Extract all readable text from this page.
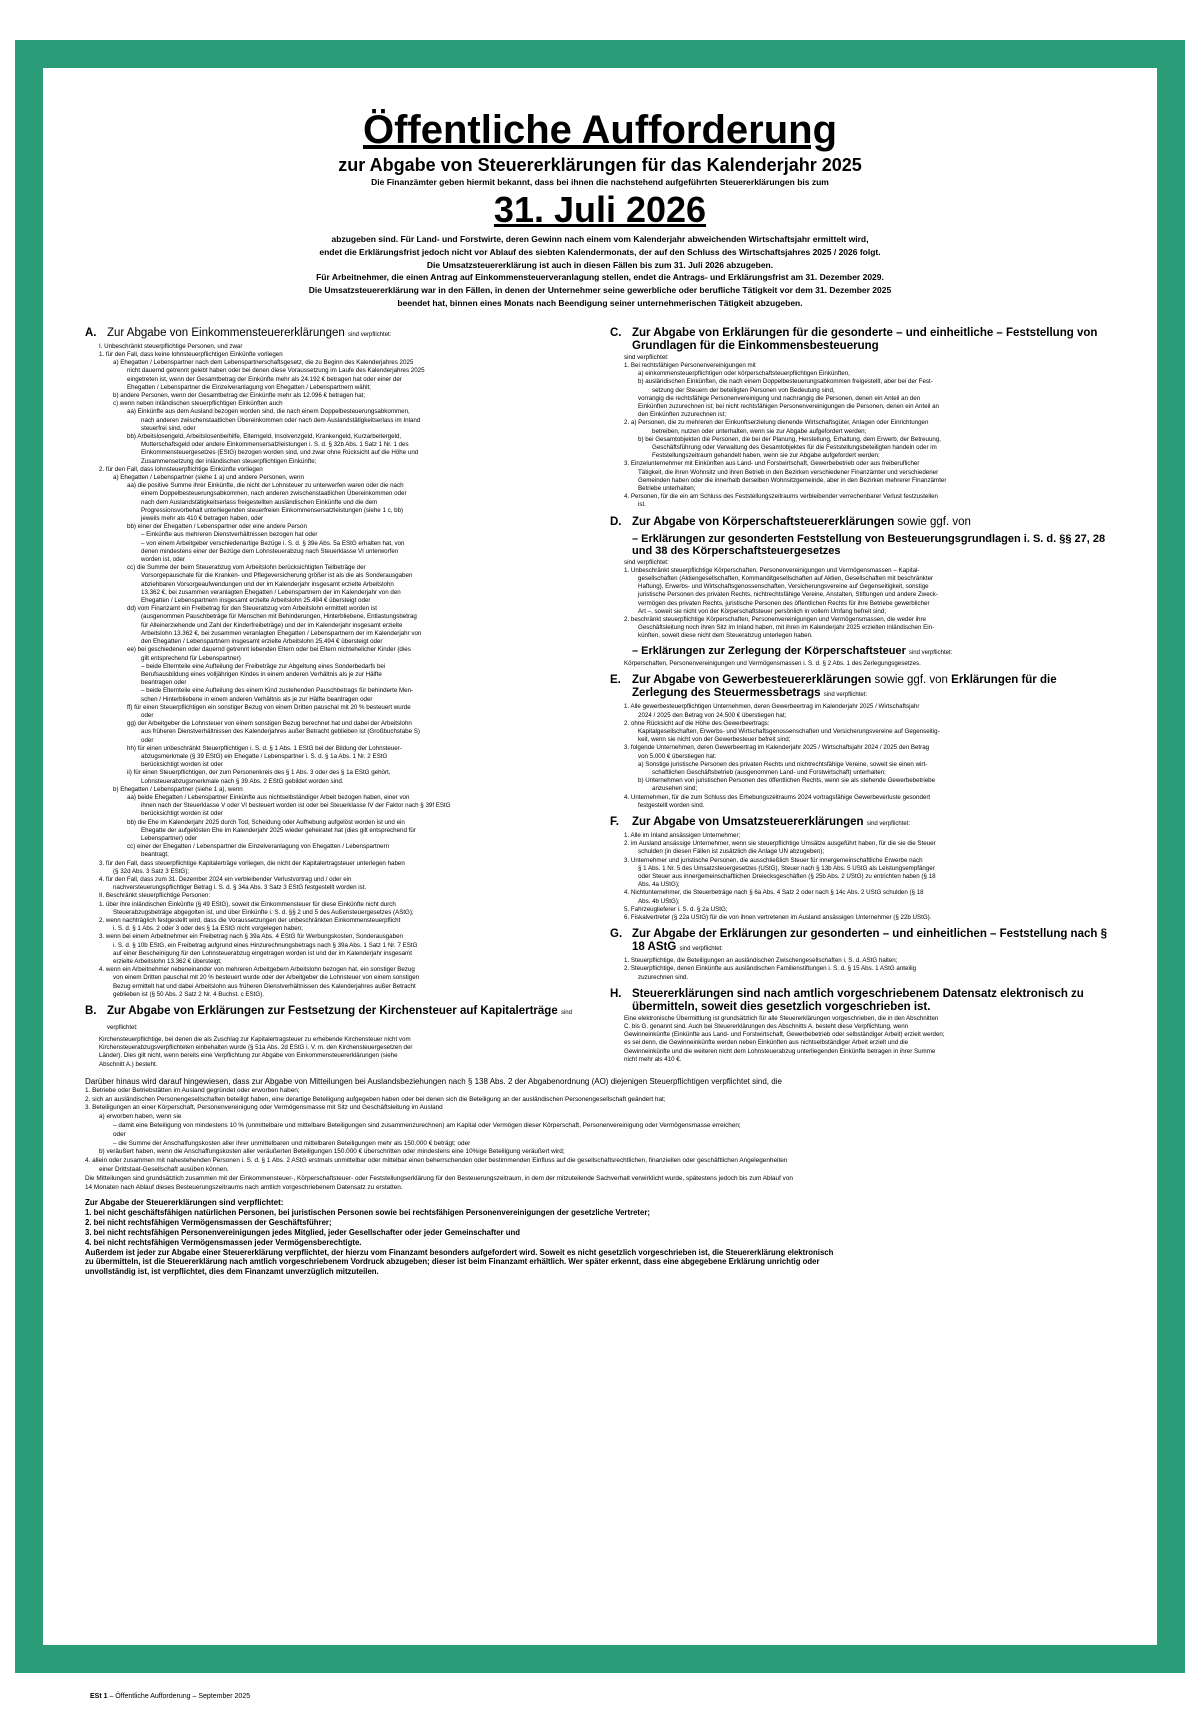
Öffentliche Aufforderung

zur Abgabe von Steuererklärungen für das Kalenderjahr 2025

Die Finanzämter geben hiermit bekannt, dass bei ihnen die nachstehend aufgeführten Steuererklärungen bis zum

31. Juli 2026

abzugeben sind. Für Land- und Forstwirte, deren Gewinn nach einem vom Kalenderjahr abweichenden Wirtschaftsjahr ermittelt wird,

endet die Erklärungsfrist jedoch nicht vor Ablauf des siebten Kalendermonats, der auf den Schluss des Wirtschaftsjahres 2025 / 2026 folgt.

Die Umsatzsteuererklärung ist auch in diesen Fällen bis zum 31. Juli 2026 abzugeben.

Für Arbeitnehmer, die einen Antrag auf Einkommensteuerveranlagung stellen, endet die Antrags- und Erklärungsfrist am 31. Dezember 2029.

Die Umsatzsteuererklärung war in den Fällen, in denen der Unternehmer seine gewerbliche oder berufliche Tätigkeit vor dem 31. Dezember 2025

beendet hat, binnen eines Monats nach Beendigung seiner unternehmerischen Tätigkeit abzugeben.

A. Zur Abgabe von Einkommensteuererklärungen sind verpflichtet:

I. Unbeschränkt steuerpflichtige Personen, und zwar

1. für den Fall, dass keine lohnsteuerpflichtigen Einkünfte vorliegen

a) Ehegatten / Lebenspartner nach dem Lebenspartnerschaftsgesetz, die zu Beginn des Kalenderjahres 2025

nicht dauernd getrennt gelebt haben oder bei denen diese Voraussetzung im Laufe des Kalenderjahres 2025

eingetreten ist, wenn der Gesamtbetrag der Einkünfte mehr als 24.192 € betragen hat oder einer der

Ehegatten / Lebenspartner die Einzelveranlagung von Ehegatten / Lebenspartnern wählt;

b) andere Personen, wenn der Gesamtbetrag der Einkünfte mehr als 12.096 € betragen hat;

c) wenn neben inländischen steuerpflichtigen Einkünften auch

aa) Einkünfte aus dem Ausland bezogen worden sind, die nach einem Doppelbesteuerungsabkommen,

nach anderen zwischenstaatlichen Übereinkommen oder nach dem Auslandstätigkeitserlass im Inland

steuerfrei sind, oder

bb) Arbeitslosengeld, Arbeitslosenbeihilfe, Elterngeld, Insolvenzgeld, Krankengeld, Kurzarbeitergeld,

Mutterschaftsgeld oder andere Einkommensersatzleistungen i. S. d. § 32b Abs. 1 Satz 1 Nr. 1 des

Einkommensteuergesetzes (EStG) bezogen worden sind, und zwar ohne Rücksicht auf die Höhe und

Zusammensetzung der inländischen steuerpflichtigen Einkünfte;

2. für den Fall, dass lohnsteuerpflichtige Einkünfte vorliegen

a) Ehegatten / Lebenspartner (siehe 1 a) und andere Personen, wenn

aa) die positive Summe ihrer Einkünfte, die nicht der Lohnsteuer zu unterwerfen waren oder die nach

einem Doppelbesteuerungsabkommen, nach anderen zwischenstaatlichen Übereinkommen oder

nach dem Auslandstätigkeitserlass freigestellten ausländischen Einkünfte und die dem

Progressionsvorbehalt unterliegenden steuerfreien Einkommensersatzleistungen (siehe 1 c, bb)

jeweils mehr als 410 € betragen haben, oder

bb) einer der Ehegatten / Lebenspartner oder eine andere Person

– Einkünfte aus mehreren Dienstverhältnissen bezogen hat oder

– von einem Arbeitgeber verschiedenartige Bezüge i. S. d. § 39e Abs. 5a EStG erhalten hat, von

denen mindestens einer der Bezüge dem Lohnsteuerabzug nach Steuerklasse VI unterworfen

worden ist, oder

cc) die Summe der beim Steuerabzug vom Arbeitslohn berücksichtigten Teilbeträge der

Vorsorgepauschale für die Kranken- und Pflegeversicherung größer ist als die als Sonderausgaben

abziehbaren Vorsorgeaufwendungen und der im Kalenderjahr insgesamt erzielte Arbeitslohn

13.362 €, bei zusammen veranlagten Ehegatten / Lebenspartnern der im Kalenderjahr von den

Ehegatten / Lebenspartnern insgesamt erzielte Arbeitslohn 25.494 € übersteigt oder

dd) vom Finanzamt ein Freibetrag für den Steuerabzug vom Arbeitslohn ermittelt worden ist

(ausgenommen Pauschbeträge für Menschen mit Behinderungen, Hinterbliebene, Entlastungsbetrag

für Alleinerziehende und Zahl der Kinderfreibeträge) und der im Kalenderjahr insgesamt erzielte

Arbeitslohn 13.362 €, bei zusammen veranlagten Ehegatten / Lebenspartnern der im Kalenderjahr von

den Ehegatten / Lebenspartnern insgesamt erzielte Arbeitslohn 25.494 € übersteigt oder

ee) bei geschiedenen oder dauernd getrennt lebenden Eltern oder bei Eltern nichtehelicher Kinder (dies

gilt entsprechend für Lebenspartner)

– beide Elternteile eine Aufteilung der Freibeträge zur Abgeltung eines Sonderbedarfs bei

Berufsausbildung eines volljährigen Kindes in einem anderen Verhältnis als je zur Hälfte

beantragen oder

– beide Elternteile eine Aufteilung des einem Kind zustehenden Pauschbetrags für behinderte Men-

schen / Hinterbliebene in einem anderen Verhältnis als je zur Hälfte beantragen oder

ff) für einen Steuerpflichtigen ein sonstiger Bezug von einem Dritten pauschal mit 20 % besteuert wurde

oder

gg) der Arbeitgeber die Lohnsteuer von einem sonstigen Bezug berechnet hat und dabei der Arbeitslohn

aus früheren Dienstverhältnissen des Kalenderjahres außer Betracht geblieben ist (Großbuchstabe S)

oder

hh) für einen unbeschränkt Steuerpflichtigen i. S. d. § 1 Abs. 1 EStG bei der Bildung der Lohnsteuer-

abzugsmerkmale (§ 39 EStG) ein Ehegatte / Lebenspartner i. S. d. § 1a Abs. 1 Nr. 2 EStG

berücksichtigt worden ist oder

ii) für einen Steuerpflichtigen, der zum Personenkreis des § 1 Abs. 3 oder des § 1a EStG gehört,

Lohnsteuerabzugsmerkmale nach § 39 Abs. 2 EStG gebildet worden sind.

b) Ehegatten / Lebenspartner (siehe 1 a), wenn

aa) beide Ehegatten / Lebenspartner Einkünfte aus nichtselbständiger Arbeit bezogen haben, einer von

ihnen nach der Steuerklasse V oder VI besteuert worden ist oder bei Steuerklasse IV der Faktor nach § 39f EStG

berücksichtigt worden ist oder

bb) die Ehe im Kalenderjahr 2025 durch Tod, Scheidung oder Aufhebung aufgelöst worden ist und ein

Ehegatte der aufgelösten Ehe im Kalenderjahr 2025 wieder geheiratet hat (dies gilt entsprechend für

Lebenspartner) oder

cc) einer der Ehegatten / Lebenspartner die Einzelveranlagung von Ehegatten / Lebenspartnern

beantragt;

3. für den Fall, dass steuerpflichtige Kapitalerträge vorliegen, die nicht der Kapitalertragsteuer unterlegen haben

(§ 32d Abs. 3 Satz 3 EStG);

4. für den Fall, dass zum 31. Dezember 2024 ein verbleibender Verlustvortrag und / oder ein

nachversteuerungspflichtiger Betrag i. S. d. § 34a Abs. 3 Satz 3 EStG festgestellt worden ist.

II. Beschränkt steuerpflichtige Personen:

1. über ihre inländischen Einkünfte (§ 49 EStG), soweit die Einkommensteuer für diese Einkünfte nicht durch

Steuerabzugsbeträge abgegolten ist, und über Einkünfte i. S. d. §§ 2 und 5 des Außensteuergesetzes (AStG);

2. wenn nachträglich festgestellt wird, dass die Voraussetzungen der unbeschränkten Einkommensteuerpflicht

i. S. d. § 1 Abs. 2 oder 3 oder des § 1a EStG nicht vorgelegen haben;

3. wenn bei einem Arbeitnehmer ein Freibetrag nach § 39a Abs. 4 EStG für Werbungskosten, Sonderausgaben

i. S. d. § 10b EStG, ein Freibetrag aufgrund eines Hinzurechnungsbetrags nach § 39a Abs. 1 Satz 1 Nr. 7 EStG

auf einer Bescheinigung für den Lohnsteuerabzug eingetragen worden ist und der im Kalenderjahr insgesamt

erzielte Arbeitslohn 13.362 € übersteigt;

4. wenn ein Arbeitnehmer nebeneinander von mehreren Arbeitgebern Arbeitslohn bezogen hat, ein sonstiger Bezug

von einem Dritten pauschal mit 20 % besteuert wurde oder der Arbeitgeber die Lohnsteuer von einem sonstigen

Bezug ermittelt hat und dabei Arbeitslohn aus früheren Dienstverhältnissen des Kalenderjahres außer Betracht

geblieben ist (§ 50 Abs. 2 Satz 2 Nr. 4 Buchst. c EStG).

B. Zur Abgabe von Erklärungen zur Festsetzung der Kirchensteuer auf Kapitalerträge sind verpflichtet:

Kirchensteuerpflichtige, bei denen die als Zuschlag zur Kapitalertragsteuer zu erhebende Kirchensteuer nicht vom

Kirchensteuerabzugsverpflichteten einbehalten wurde (§ 51a Abs. 2d EStG i. V. m. den Kirchensteuergesetzen der

Länder). Dies gilt nicht, wenn bereits eine Verpflichtung zur Abgabe von Einkommensteuererklärungen (siehe

Abschnitt A.) besteht.

C. Zur Abgabe von Erklärungen für die gesonderte – und einheitliche – Feststellung von Grundlagen für die Einkommensbesteuerung

sind verpflichtet:

1. Bei rechtsfähigen Personenvereinigungen mit

a) einkommensteuerpflichtigen oder körperschaftsteuerpflichtigen Einkünften,

b) ausländischen Einkünften, die nach einem Doppelbesteuerungsabkommen freigestellt, aber bei der Fest-

setzung der Steuern der beteiligten Personen von Bedeutung sind,

vorrangig die rechtsfähige Personenvereinigung und nachrangig die Personen, denen ein Anteil an den

Einkünften zuzurechnen ist; bei nicht rechtsfähigen Personenvereinigungen die Personen, denen ein Anteil an

den Einkünften zuzurechnen ist;

2. a) Personen, die zu mehreren der Einkunftserzielung dienende Wirtschaftsgüter, Anlagen oder Einrichtungen

betreiben, nutzen oder unterhalten, wenn sie zur Abgabe aufgefordert werden;

b) bei Gesamtobjekten die Personen, die bei der Planung, Herstellung, Erhaltung, dem Erwerb, der Betreuung,

Geschäftsführung oder Verwaltung des Gesamtobjektes für die Feststellungsbeteiligten handeln oder im

Feststellungszeitraum gehandelt haben, wenn sie zur Abgabe aufgefordert werden;

3. Einzelunternehmer mit Einkünften aus Land- und Forstwirtschaft, Gewerbebetrieb oder aus freiberuflicher

Tätigkeit, die ihren Wohnsitz und ihren Betrieb in den Bezirken verschiedener Finanzämter und verschiedener

Gemeinden haben oder die innerhalb derselben Wohnsitzgemeinde, aber in den Bezirken mehrerer Finanzämter

Betriebe unterhalten;

4. Personen, für die ein am Schluss des Feststellungszeitraums verbleibender verrechenbarer Verlust festzustellen

ist.

D. Zur Abgabe von Körperschaftsteuererklärungen sowie ggf. von

– Erklärungen zur gesonderten Feststellung von Besteuerungsgrundlagen i. S. d. §§ 27, 28 und 38 des Körperschaftsteuergesetzes

sind verpflichtet:

1. Unbeschränkt steuerpflichtige Körperschaften, Personenvereinigungen und Vermögensmassen – Kapital-

gesellschaften (Aktiengesellschaften, Kommanditgesellschaften auf Aktien, Gesellschaften mit beschränkter

Haftung), Erwerbs- und Wirtschaftsgenossenschaften, Versicherungsvereine auf Gegenseitigkeit, sonstige

juristische Personen des privaten Rechts, nichtrechtsfähige Vereine, Anstalten, Stiftungen und andere Zweck-

vermögen des privaten Rechts, juristische Personen des öffentlichen Rechts für ihre Betriebe gewerblicher

Art –, soweit sie nicht von der Körperschaftsteuer persönlich in vollem Umfang befreit sind;

2. beschränkt steuerpflichtige Körperschaften, Personenvereinigungen und Vermögensmassen, die weder ihre

Geschäftsleitung noch ihren Sitz im Inland haben, mit ihren im Kalenderjahr 2025 erzielten inländischen Ein-

künften, soweit diese nicht dem Steuerabzug unterlegen haben.

– Erklärungen zur Zerlegung der Körperschaftsteuer sind verpflichtet:

Körperschaften, Personenvereinigungen und Vermögensmassen i. S. d. § 2 Abs. 1 des Zerlegungsgesetzes.

E. Zur Abgabe von Gewerbesteuererklärungen sowie ggf. von Erklärungen für die Zerlegung des Steuermessbetrags sind verpflichtet:

1. Alle gewerbesteuerpflichtigen Unternehmen, deren Gewerbeertrag im Kalenderjahr 2025 / Wirtschaftsjahr

2024 / 2025 den Betrag von 24.500 € überstiegen hat;

2. ohne Rücksicht auf die Höhe des Gewerbeertrags:

Kapitalgesellschaften, Erwerbs- und Wirtschaftsgenossenschaften und Versicherungsvereine auf Gegenseitig-

keit, wenn sie nicht von der Gewerbesteuer befreit sind;

3. folgende Unternehmen, deren Gewerbeertrag im Kalenderjahr 2025 / Wirtschaftsjahr 2024 / 2025 den Betrag

von 5.000 € überstiegen hat:

a) Sonstige juristische Personen des privaten Rechts und nichtrechtsfähige Vereine, soweit sie einen wirt-

schaftlichen Geschäftsbetrieb (ausgenommen Land- und Forstwirtschaft) unterhalten;

b) Unternehmen von juristischen Personen des öffentlichen Rechts, wenn sie als stehende Gewerbebetriebe

anzusehen sind;

4. Unternehmen, für die zum Schluss des Erhebungszeitraums 2024 vortragsfähige Gewerbeverluste gesondert

festgestellt worden sind.

F.	Zur Abgabe von Umsatzsteuererklärungen sind verpflichtet:

1. Alle im Inland ansässigen Unternehmer;

2. im Ausland ansässige Unternehmer, wenn sie steuerpflichtige Umsätze ausgeführt haben, für die sie die Steuer

schulden (in diesen Fällen ist zusätzlich die Anlage UN abzugeben);

3. Unternehmer und juristische Personen, die ausschließlich Steuer für innergemeinschaftliche Erwerbe nach

§ 1 Abs. 1 Nr. 5 des Umsatzsteuergesetzes (UStG), Steuer nach § 13b Abs. 5 UStG als Leistungsempfänger

oder Steuer aus innergemeinschaftlichen Dreiecksgeschäften (§ 25b Abs. 2 UStG) zu entrichten haben (§ 18

Abs. 4a UStG);

4. Nichtunternehmer, die Steuerbeträge nach § 6a Abs. 4 Satz 2 oder nach § 14c Abs. 2 UStG schulden (§ 18

Abs. 4b UStG);

5. Fahrzeuglieferer i. S. d. § 2a UStG;

6. Fiskalvertreter (§ 22a UStG) für die von ihnen vertretenen im Ausland ansässigen Unternehmer (§ 22b UStG).

G. Zur Abgabe der Erklärungen zur gesonderten – und einheitlichen – Feststellung nach § 18 AStG sind verpflichtet:

1. Steuerpflichtige, die Beteiligungen an ausländischen Zwischengesellschaften i. S. d. AStG halten;

2. Steuerpflichtige, denen Einkünfte aus ausländischen Familienstiftungen i. S. d. § 15 Abs. 1 AStG anteilig

zuzurechnen sind.

H. Steuererklärungen sind nach amtlich vorgeschriebenem Datensatz elektronisch zu übermitteln, soweit dies gesetzlich vorgeschrieben ist.

Eine elektronische Übermittlung ist grundsätzlich für alle Steuererklärungen vorgeschrieben, die in den Abschnitten

C. bis G. genannt sind. Auch bei Steuererklärungen des Abschnitts A. besteht diese Verpflichtung, wenn

Gewinneinkünfte (Einkünfte aus Land- und Forstwirtschaft, Gewerbebetrieb oder selbständiger Arbeit) erzielt werden;

es sei denn, die Gewinneinkünfte werden neben Einkünften aus nichtselbständiger Arbeit erzielt und die

Gewinneinkünfte und die weiteren nicht dem Lohnsteuerabzug unterliegenden Einkünfte betragen in ihrer Summe

nicht mehr als 410 €.

Darüber hinaus wird darauf hingewiesen, dass zur Abgabe von Mitteilungen bei Auslandsbeziehungen nach § 138 Abs. 2 der Abgabenordnung (AO) diejenigen Steuerpflichtigen verpflichtet sind, die

1. Betriebe oder Betriebstätten im Ausland gegründet oder erworben haben;

2. sich an ausländischen Personengesellschaften beteiligt haben, eine derartige Beteiligung aufgegeben haben oder bei denen sich die Beteiligung an der ausländischen Personengesellschaft geändert hat;

3. Beteiligungen an einer Körperschaft, Personenvereinigung oder Vermögensmasse mit Sitz und Geschäftsleitung im Ausland

a) erworben haben, wenn sie

– damit eine Beteiligung von mindestens 10 % (unmittelbare und mittelbare Beteiligungen sind zusammenzurechnen) am Kapital oder Vermögen dieser Körperschaft, Personenvereinigung oder Vermögensmasse erreichen;

oder

– die Summe der Anschaffungskosten aller ihrer unmittelbaren und mittelbaren Beteiligungen mehr als 150.000 € beträgt; oder

b) veräußert haben, wenn die Anschaffungskosten aller veräußerten Beteiligungen 150.000 € überschritten oder mindestens eine 10%ige Beteiligung veräußert wird;

4. allein oder zusammen mit nahestehenden Personen i. S. d. § 1 Abs. 2 AStG erstmals unmittelbar oder mittelbar einen beherrschenden oder bestimmenden Einfluss auf die gesellschaftsrechtlichen, finanziellen oder geschäftlichen Angelegenheiten

einer Drittstaat-Gesellschaft ausüben können.

Die Mitteilungen sind grundsätzlich zusammen mit der Einkommensteuer-, Körperschaftsteuer- oder Feststellungserklärung für den Besteuerungszeitraum, in dem der mitzuteilende Sachverhalt verwirklicht wurde, spätestens jedoch bis zum Ablauf von

14 Monaten nach Ablauf dieses Besteuerungszeitraums nach amtlich vorgeschriebenem Datensatz zu erstatten.

Zur Abgabe der Steuererklärungen sind verpflichtet:

1. bei nicht geschäftsfähigen natürlichen Personen, bei juristischen Personen sowie bei rechtsfähigen Personenvereinigungen der gesetzliche Vertreter;

2. bei nicht rechtsfähigen Vermögensmassen der Geschäftsführer;

3. bei nicht rechtsfähigen Personenvereinigungen jedes Mitglied, jeder Gesellschafter oder jeder Gemeinschafter und

4. bei nicht rechtsfähigen Vermögensmassen jeder Vermögensberechtigte.

Außerdem ist jeder zur Abgabe einer Steuererklärung verpflichtet, der hierzu vom Finanzamt besonders aufgefordert wird. Soweit es nicht gesetzlich vorgeschrieben ist, die Steuererklärung elektronisch

zu übermitteln, ist die Steuererklärung nach amtlich vorgeschriebenem Vordruck abzugeben; dieser ist beim Finanzamt erhältlich. Wer später erkennt, dass eine abgegebene Erklärung unrichtig oder

unvollständig ist, ist verpflichtet, dies dem Finanzamt unverzüglich mitzuteilen.

ESt 1 – Öffentliche Aufforderung – September 2025
